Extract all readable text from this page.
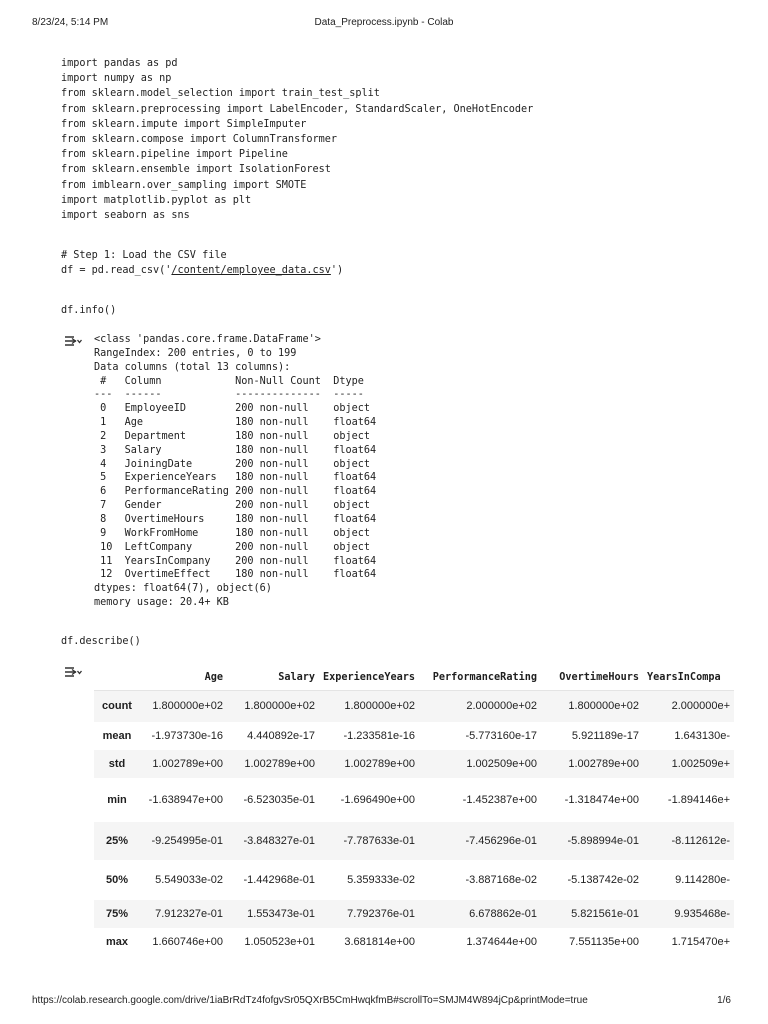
8/23/24, 5:14 PM	Data_Preprocess.ipynb - Colab
import pandas as pd
import numpy as np
from sklearn.model_selection import train_test_split
from sklearn.preprocessing import LabelEncoder, StandardScaler, OneHotEncoder
from sklearn.impute import SimpleImputer
from sklearn.compose import ColumnTransformer
from sklearn.pipeline import Pipeline
from sklearn.ensemble import IsolationForest
from imblearn.over_sampling import SMOTE
import matplotlib.pyplot as plt
import seaborn as sns
# Step 1: Load the CSV file
df = pd.read_csv('/content/employee_data.csv')
df.info()
<class 'pandas.core.frame.DataFrame'>
RangeIndex: 200 entries, 0 to 199
Data columns (total 13 columns):
#   Column            Non-Null Count  Dtype
---  ------            --------------  -----
0   EmployeeID        200 non-null    object
1   Age               180 non-null    float64
2   Department        180 non-null    object
3   Salary            180 non-null    float64
4   JoiningDate       200 non-null    object
5   ExperienceYears   180 non-null    float64
6   PerformanceRating 200 non-null    float64
7   Gender            200 non-null    object
8   OvertimeHours     180 non-null    float64
9   WorkFromHome      180 non-null    object
10  LeftCompany       200 non-null    object
11  YearsInCompany    200 non-null    float64
12  OvertimeEffect    180 non-null    float64
dtypes: float64(7), object(6)
memory usage: 20.4+ KB
df.describe()
	Age	Salary	ExperienceYears	PerformanceRating	OvertimeHours	YearsInCompa
count	1.800000e+02	1.800000e+02	1.800000e+02	2.000000e+02	1.800000e+02	2.000000e+
mean	-1.973730e-16	4.440892e-17	-1.233581e-16	-5.773160e-17	5.921189e-17	1.643130e-
std	1.002789e+00	1.002789e+00	1.002789e+00	1.002509e+00	1.002789e+00	1.002509e+
min	-1.638947e+00	-6.523035e-01	-1.696490e+00	-1.452387e+00	-1.318474e+00	-1.894146e+
25%	-9.254995e-01	-3.848327e-01	-7.787633e-01	-7.456296e-01	-5.898994e-01	-8.112612e-
50%	5.549033e-02	-1.442968e-01	5.359333e-02	-3.887168e-02	-5.138742e-02	9.114280e-
75%	7.912327e-01	1.553473e-01	7.792376e-01	6.678862e-01	5.821561e-01	9.935468e-
max	1.660746e+00	1.050523e+01	3.681814e+00	1.374644e+00	7.551135e+00	1.715470e+
https://colab.research.google.com/drive/1iaBrRdTz4fofgvSr05QXrB5CmHwqkfmB#scrollTo=SMJM4W894jCp&printMode=true	1/6
